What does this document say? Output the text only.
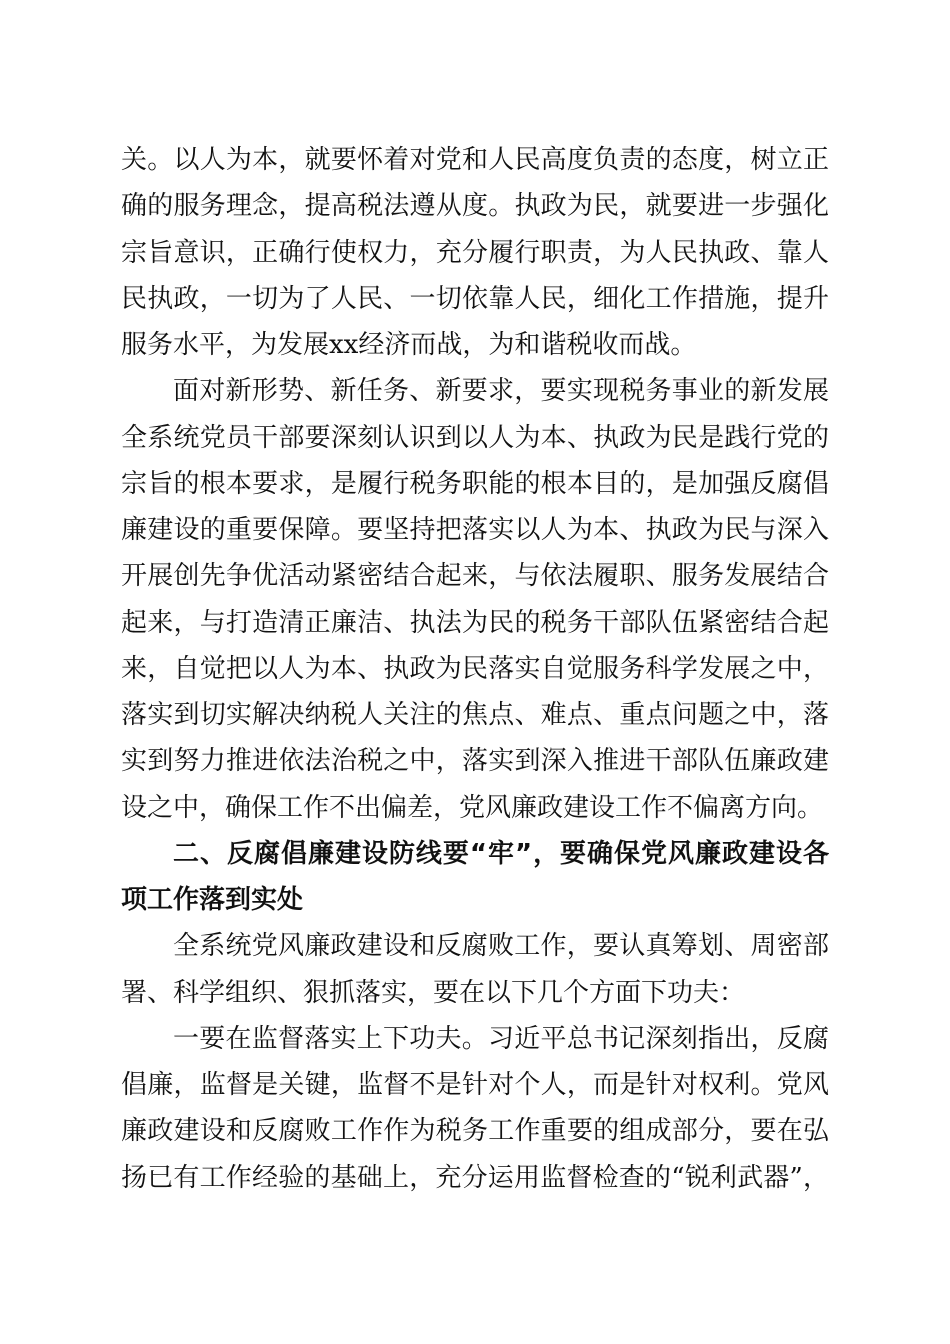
关。以人为本，就要怀着对党和人民高度负责的态度，树立正

确的服务理念，提高税法遵从度。执政为民，就要进一步强化

宗旨意识，正确行使权力，充分履行职责，为人民执政、靠人

民执政，一切为了人民、一切依靠人民，细化工作措施，提升

服务水平，为发展xx经济而战，为和谐税收而战。

面对新形势、新任务、新要求，要实现税务事业的新发展

全系统党员干部要深刻认识到以人为本、执政为民是践行党的

宗旨的根本要求，是履行税务职能的根本目的，是加强反腐倡

廉建设的重要保障。要坚持把落实以人为本、执政为民与深入

开展创先争优活动紧密结合起来，与依法履职、服务发展结合

起来，与打造清正廉洁、执法为民的税务干部队伍紧密结合起

来，自觉把以人为本、执政为民落实自觉服务科学发展之中，

落实到切实解决纳税人关注的焦点、难点、重点问题之中，落

实到努力推进依法治税之中，落实到深入推进干部队伍廉政建

设之中，确保工作不出偏差，党风廉政建设工作不偏离方向。

二、反腐倡廉建设防线要“牢”，要确保党风廉政建设各

项工作落到实处

全系统党风廉政建设和反腐败工作，要认真筹划、周密部

署、科学组织、狠抓落实，要在以下几个方面下功夫：

一要在监督落实上下功夫。习近平总书记深刻指出，反腐

倡廉，监督是关键，监督不是针对个人，而是针对权利。党风

廉政建设和反腐败工作作为税务工作重要的组成部分，要在弘

扬已有工作经验的基础上，充分运用监督检查的“锐利武器”，
